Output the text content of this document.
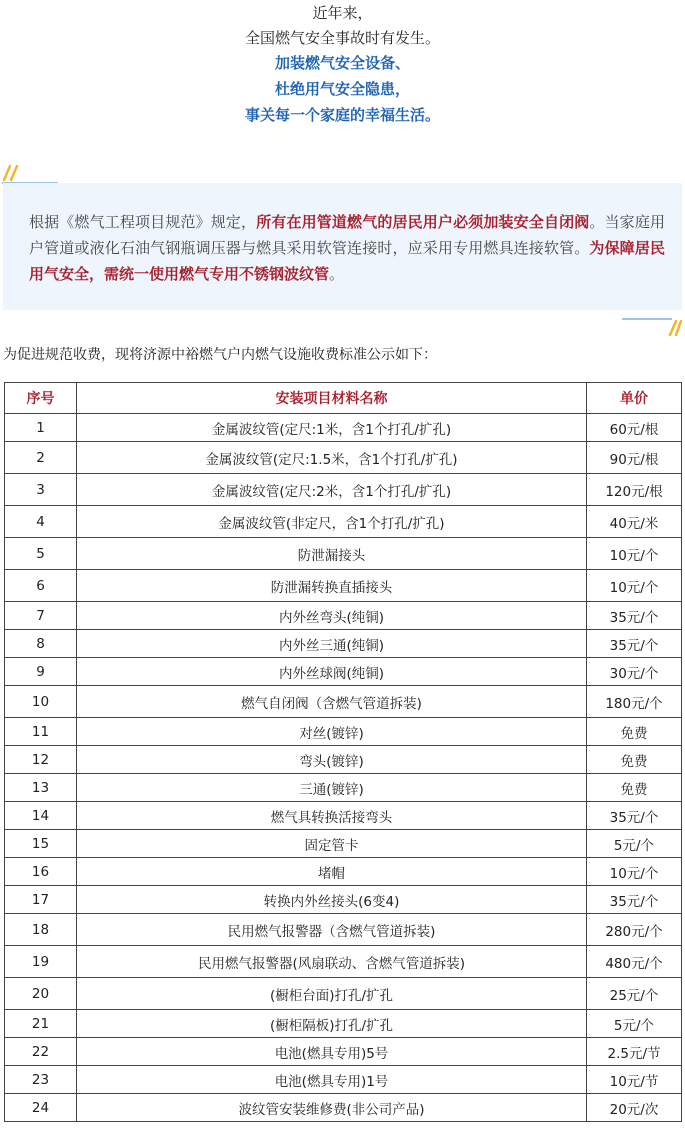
近年来，
全国燃气安全事故时有发生。
加装燃气安全设备、
杜绝用气安全隐患，
事关每一个家庭的幸福生活。

根据《燃气工程项目规范》规定，所有在用管道燃气的居民用户必须加装安全自闭阀。当家庭用户管道或液化石油气钢瓶调压器与燃具采用软管连接时，应采用专用燃具连接软管。为保障居民用气安全，需统一使用燃气专用不锈钢波纹管。

为促进规范收费，现将济源中裕燃气户内燃气设施收费标准公示如下：
序号	安装项目材料名称	单价
1	金属波纹管(定尺:1米，含1个打孔/扩孔)	60元/根
2	金属波纹管(定尺:1.5米，含1个打孔/扩孔)	90元/根
3	金属波纹管(定尺:2米，含1个打孔/扩孔)	120元/根
4	金属波纹管(非定尺，含1个打孔/扩孔)	40元/米
5	防泄漏接头	10元/个
6	防泄漏转换直插接头	10元/个
7	内外丝弯头(纯铜)	35元/个
8	内外丝三通(纯铜)	35元/个
9	内外丝球阀(纯铜)	30元/个
10	燃气自闭阀（含燃气管道拆装)	180元/个
11	对丝(镀锌)	免费
12	弯头(镀锌)	免费
13	三通(镀锌)	免费
14	燃气具转换活接弯头	35元/个
15	固定管卡	5元/个
16	堵帽	10元/个
17	转换内外丝接头(6变4)	35元/个
18	民用燃气报警器（含燃气管道拆装)	280元/个
19	民用燃气报警器(风扇联动、含燃气管道拆装)	480元/个
20	(橱柜台面)打孔/扩孔	25元/个
21	(橱柜隔板)打孔/扩孔	5元/个
22	电池(燃具专用)5号	2.5元/节
23	电池(燃具专用)1号	10元/节
24	波纹管安装维修费(非公司产品)	20元/次
